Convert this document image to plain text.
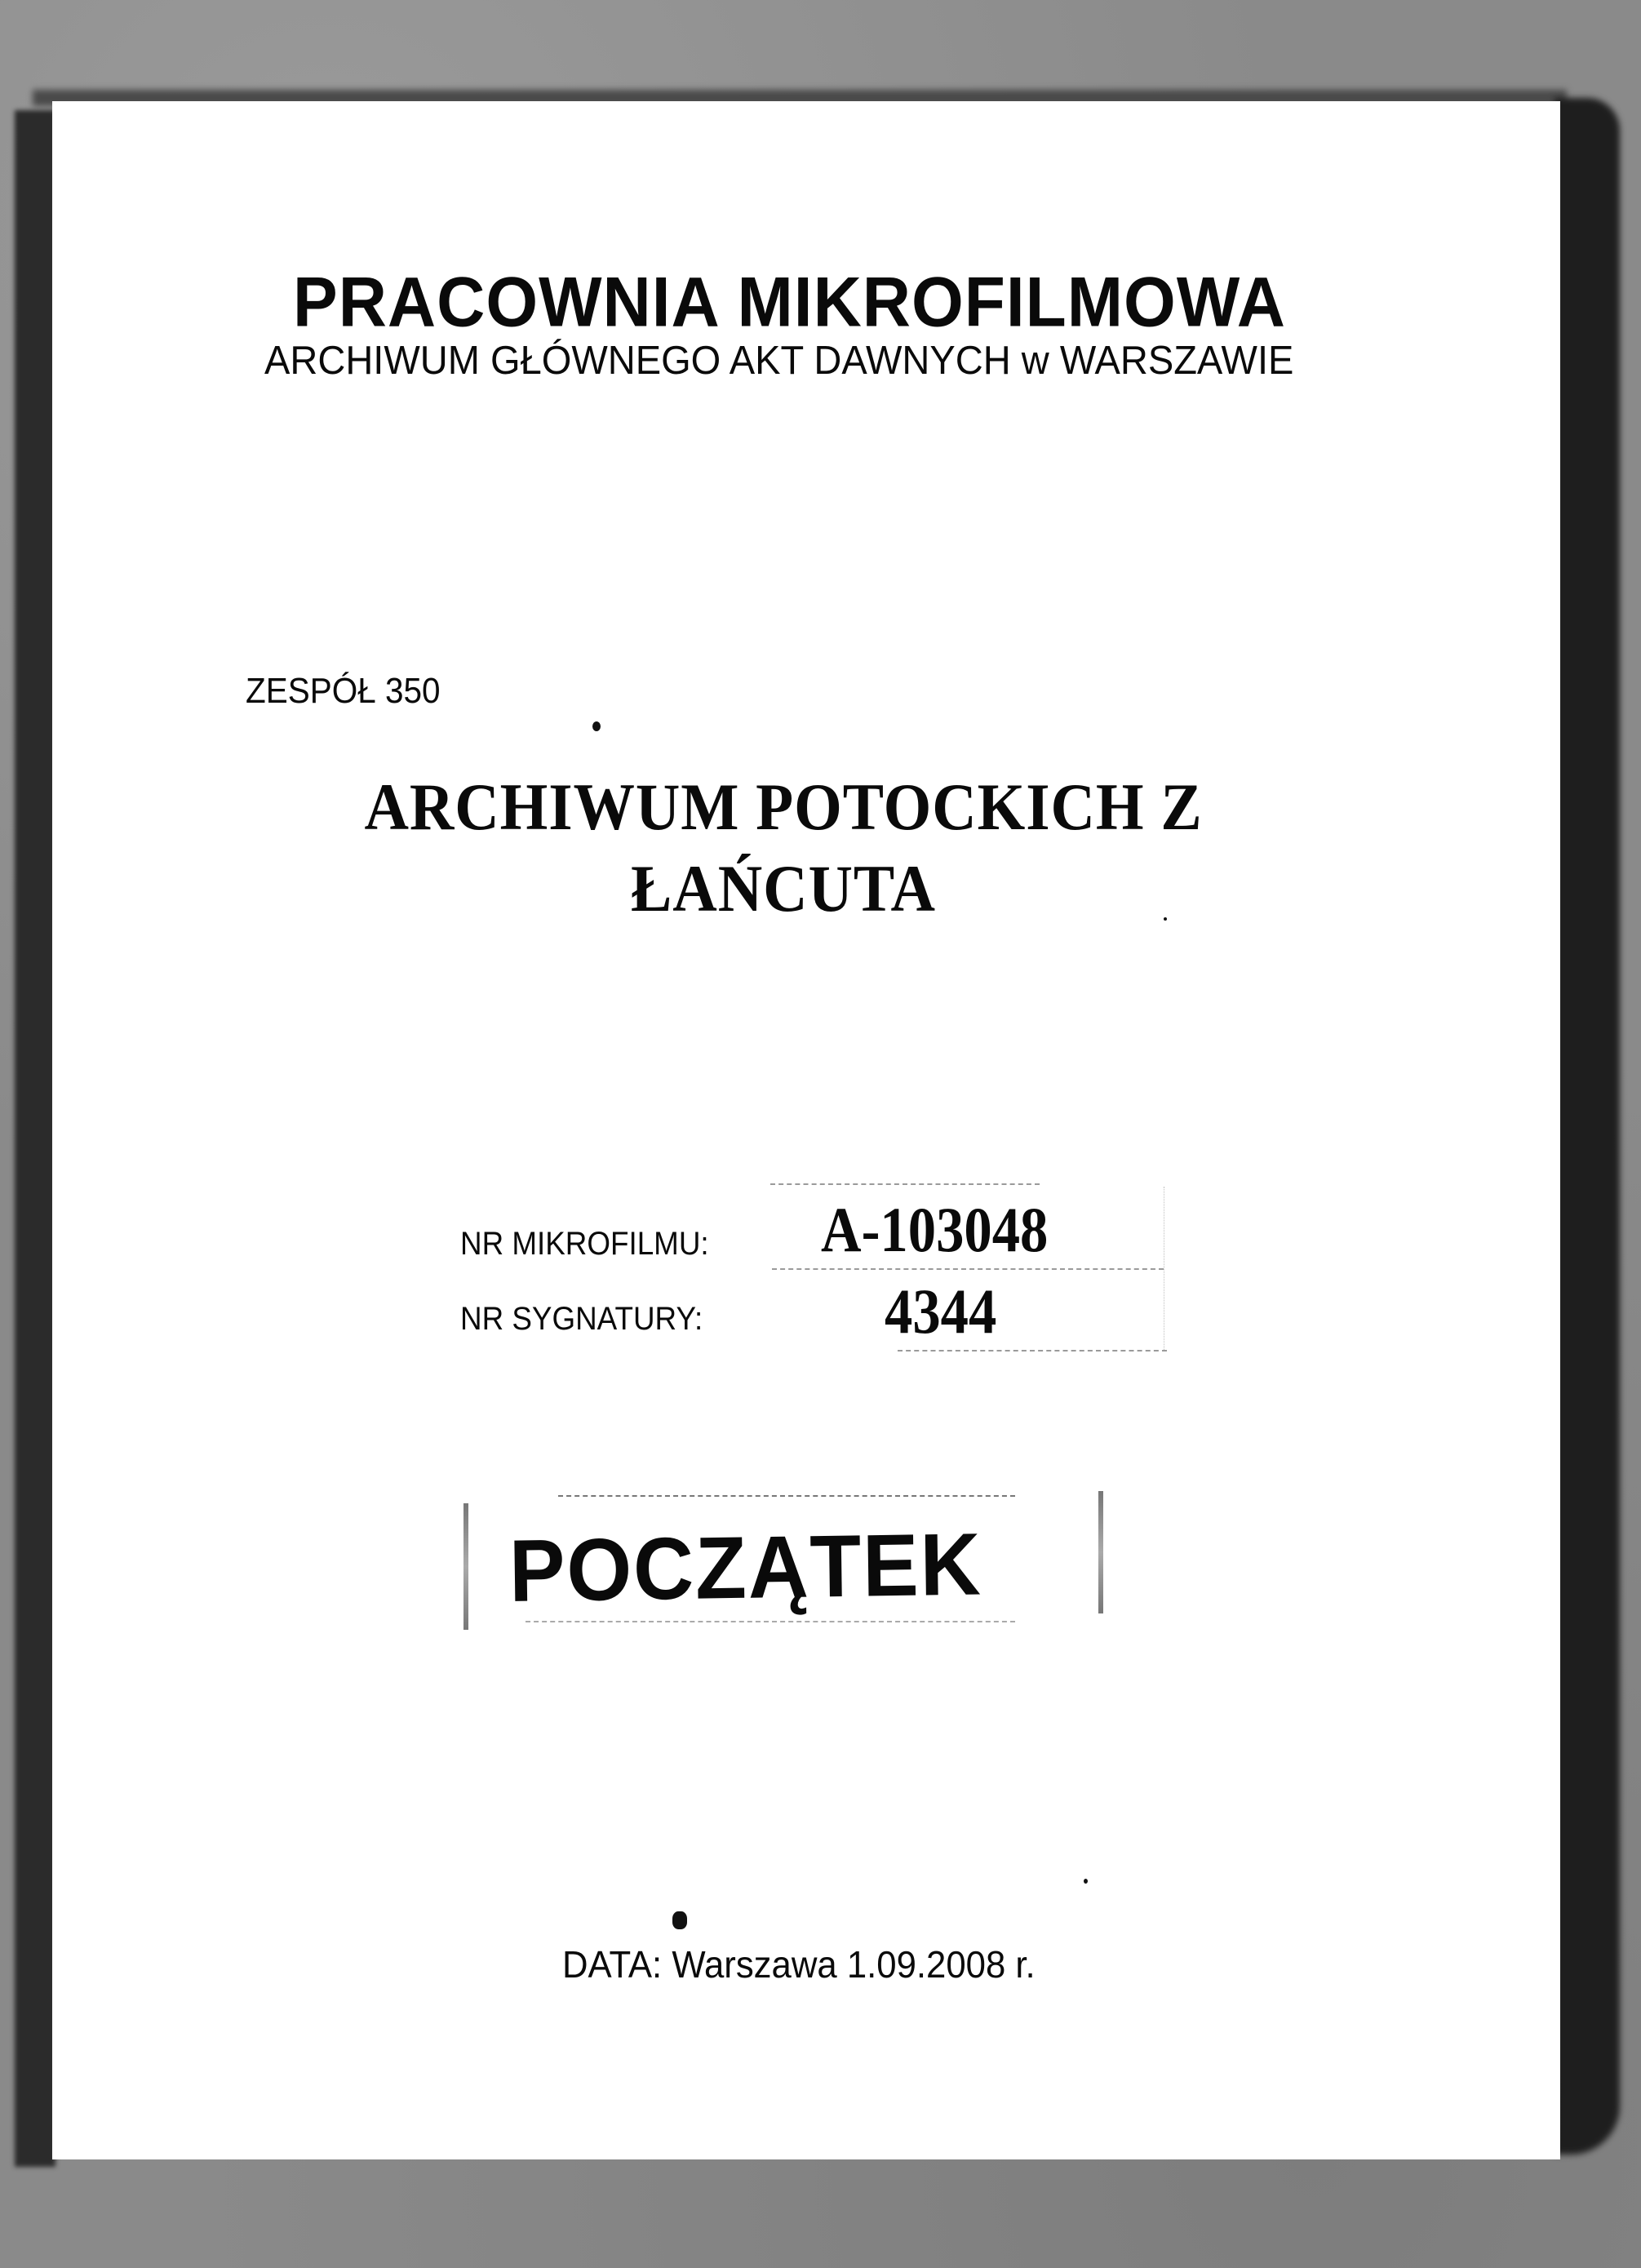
PRACOWNIA MIKROFILMOWA
ARCHIWUM GŁÓWNEGO AKT DAWNYCH w WARSZAWIE
ZESPÓŁ 350
ARCHIWUM POTOCKICH Z
ŁAŃCUTA
NR MIKROFILMU: A-103048
NR SYGNATURY:	4344
POCZĄTEK
DATA: Warszawa 1.09.2008 r.
